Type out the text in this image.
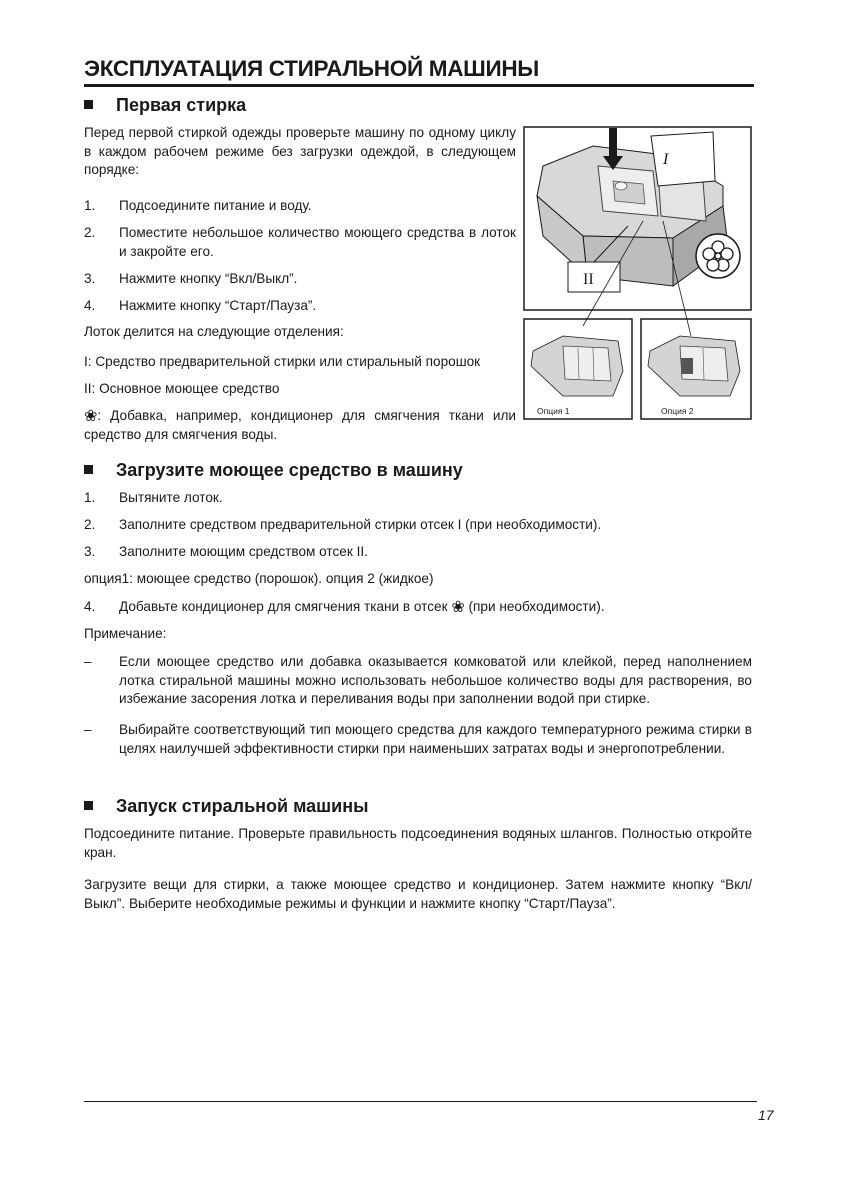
ЭКСПЛУАТАЦИЯ СТИРАЛЬНОЙ МАШИНЫ
Первая стирка
Перед первой стиркой одежды проверьте машину по одному циклу в каждом рабочем режиме без загрузки одеждой, в следующем порядке:
1.	Подсоедините питание и воду.
2.	Поместите небольшое количество моющего средства в лоток и закройте его.
3.	Нажмите кнопку “Вкл/Выкл”.
4.	Нажмите кнопку “Старт/Пауза”.
Лоток делится на следующие отделения:
I: Средство предварительной стирки или стиральный порошок
II: Основное моющее средство
❀: Добавка, например, кондиционер для смягчения ткани или средство для смягчения воды.
I
II
Опция 1	Опция 2
Загрузите моющее средство в машину
1.	Вытяните лоток.
2.	Заполните средством предварительной стирки отсек I (при необходимости).
3.	Заполните моющим средством отсек II.
опция1: моющее средство (порошок). опция 2 (жидкое)
4.	Добавьте кондиционер для смягчения ткани в отсек ❀ (при необходимости).
Примечание:
–	Если моющее средство или добавка оказывается комковатой или клейкой, перед наполнением лотка стиральной машины можно использовать небольшое количество воды для растворения, во избежание засорения лотка и переливания воды при заполнении водой при стирке.
–	Выбирайте соответствующий тип моющего средства для каждого температурного режима стирки в целях наилучшей эффективности стирки при наименьших затратах воды и энергопотреблении.
Запуск стиральной машины
Подсоедините питание. Проверьте правильность подсоединения водяных шлангов. Полностью откройте кран.
Загрузите вещи для стирки, а также моющее средство и кондиционер. Затем нажмите кнопку “Вкл/Выкл”. Выберите необходимые режимы и функции и нажмите кнопку “Старт/Пауза”.
17
